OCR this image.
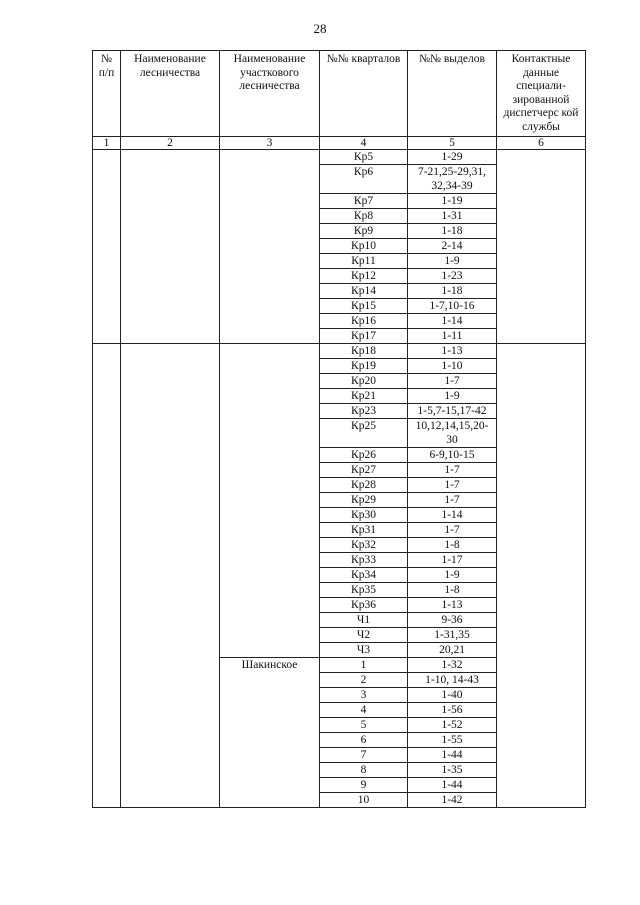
28
№ п/п	Наименование лесничества	Наименование участкового лесничества	№№ кварталов	№№ выделов	Контактные данные специали-зированной диспетчерс кой службы
1	2	3	4	5	6
			Кр5	1-29	
			Кр6	7-21,25-29,31, 32,34-39	
			Кр7	1-19	
			Кр8	1-31	
			Кр9	1-18	
			Кр10	2-14	
			Кр11	1-9	
			Кр12	1-23	
			Кр14	1-18	
			Кр15	1-7,10-16	
			Кр16	1-14	
			Кр17	1-11	
			Кр18	1-13	
			Кр19	1-10	
			Кр20	1-7	
			Кр21	1-9	
			Кр23	1-5,7-15,17-42	
			Кр25	10,12,14,15,20-30	
			Кр26	6-9,10-15	
			Кр27	1-7	
			Кр28	1-7	
			Кр29	1-7	
			Кр30	1-14	
			Кр31	1-7	
			Кр32	1-8	
			Кр33	1-17	
			Кр34	1-9	
			Кр35	1-8	
			Кр36	1-13	
			Ч1	9-36	
			Ч2	1-31,35	
			Ч3	20,21	
		Шакинское	1	1-32	
			2	1-10, 14-43	
			3	1-40	
			4	1-56	
			5	1-52	
			6	1-55	
			7	1-44	
			8	1-35	
			9	1-44	
			10	1-42	
